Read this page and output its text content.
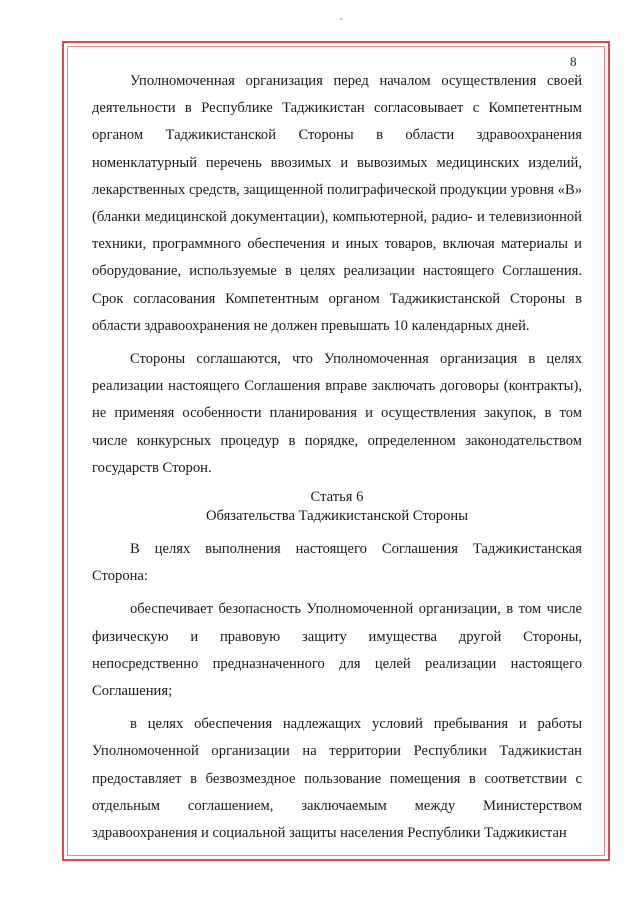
8

Уполномоченная организация перед началом осуществления своей деятельности в Республике Таджикистан согласовывает с Компетентным органом Таджикистанской Стороны в области здравоохранения номенклатурный перечень ввозимых и вывозимых медицинских изделий, лекарственных средств, защищенной полиграфической продукции уровня «В» (бланки медицинской документации), компьютерной, радио- и телевизионной техники, программного обеспечения и иных товаров, включая материалы и оборудование, используемые в целях реализации настоящего Соглашения. Срок согласования Компетентным органом Таджикистанской Стороны в области здравоохранения не должен превышать 10 календарных дней.

Стороны соглашаются, что Уполномоченная организация в целях реализации настоящего Соглашения вправе заключать договоры (контракты), не применяя особенности планирования и осуществления закупок, в том числе конкурсных процедур в порядке, определенном законодательством государств Сторон.

Статья 6
Обязательства Таджикистанской Стороны

В целях выполнения настоящего Соглашения Таджикистанская Сторона:

обеспечивает безопасность Уполномоченной организации, в том числе физическую и правовую защиту имущества другой Стороны, непосредственно предназначенного для целей реализации настоящего Соглашения;

в целях обеспечения надлежащих условий пребывания и работы Уполномоченной организации на территории Республики Таджикистан предоставляет в безвозмездное пользование помещения в соответствии с отдельным соглашением, заключаемым между Министерством здравоохранения и социальной защиты населения Республики Таджикистан
